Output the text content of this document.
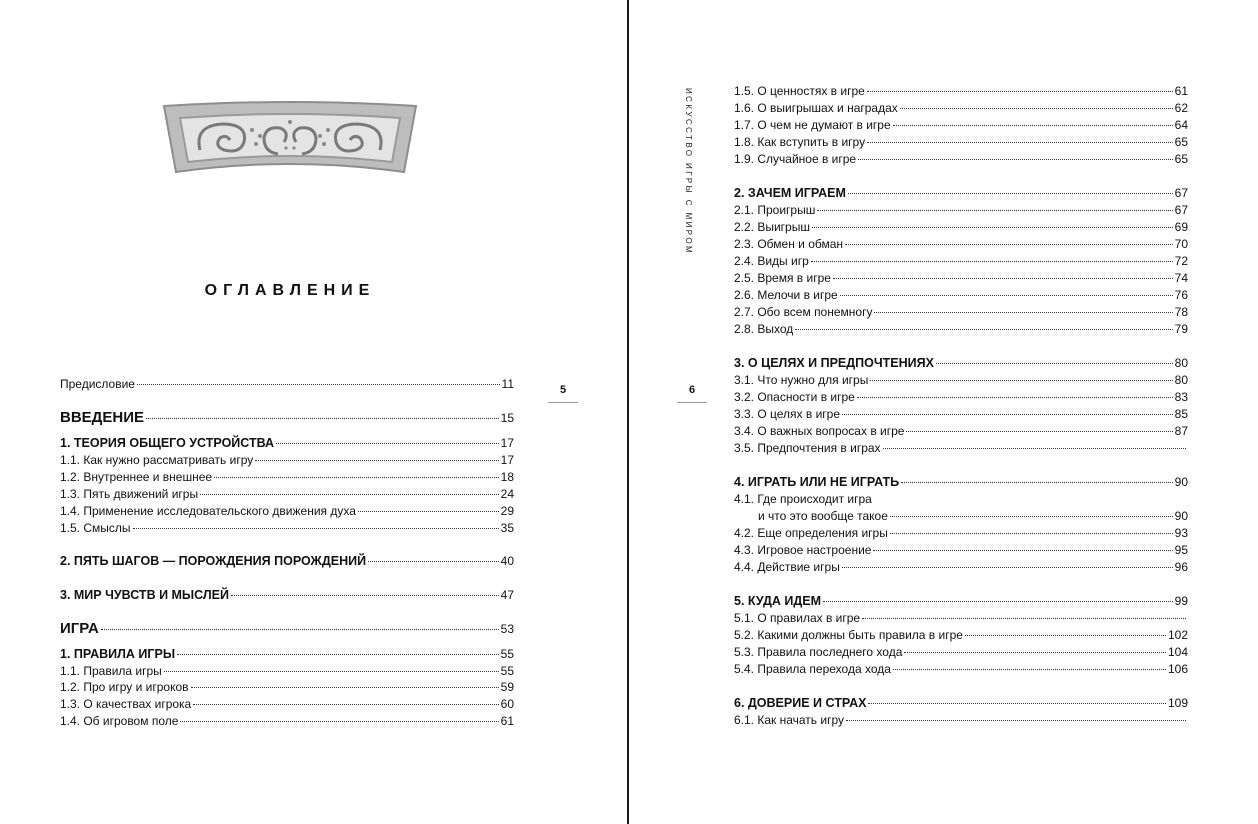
ОГЛАВЛЕНИЕ
5
Предисловие	11
ВВЕДЕНИЕ	15
1. ТЕОРИЯ ОБЩЕГО УСТРОЙСТВА	17
1.1. Как нужно рассматривать игру	17
1.2. Внутреннее и внешнее	18
1.3. Пять движений игры	24
1.4. Применение исследовательского движения духа	29
1.5. Смыслы	35
2. ПЯТЬ ШАГОВ — ПОРОЖДЕНИЯ ПОРОЖДЕНИЙ	40
3. МИР ЧУВСТВ И МЫСЛЕЙ	47
ИГРА	53
1. ПРАВИЛА ИГРЫ	55
1.1. Правила игры	55
1.2. Про игру и игроков	59
1.3. О качествах игрока	60
1.4. Об игровом поле	61
ИСКУССТВО ИГРЫ С МИРОМ
6
1.5. О ценностях в игре	61
1.6. О выигрышах и наградах	62
1.7. О чем не думают в игре	64
1.8. Как вступить в игру	65
1.9. Случайное в игре	65
2. ЗАЧЕМ ИГРАЕМ	67
2.1. Проигрыш	67
2.2. Выигрыш	69
2.3. Обмен и обман	70
2.4. Виды игр	72
2.5. Время в игре	74
2.6. Мелочи в игре	76
2.7. Обо всем понемногу	78
2.8. Выход	79
3. О ЦЕЛЯХ И ПРЕДПОЧТЕНИЯХ	80
3.1. Что нужно для игры	80
3.2. Опасности в игре	83
3.3. О целях в игре	85
3.4. О важных вопросах в игре	87
3.5. Предпочтения в играх
4. ИГРАТЬ ИЛИ НЕ ИГРАТЬ	90
4.1. Где происходит игра
и что это вообще такое	90
4.2. Еще определения игры	93
4.3. Игровое настроение	95
4.4. Действие игры	96
5. КУДА ИДЕМ	99
5.1. О правилах в игре
5.2. Какими должны быть правила в игре	102
5.3. Правила последнего хода	104
5.4. Правила перехода хода	106
6. ДОВЕРИЕ И СТРАХ	109
6.1. Как начать игру
